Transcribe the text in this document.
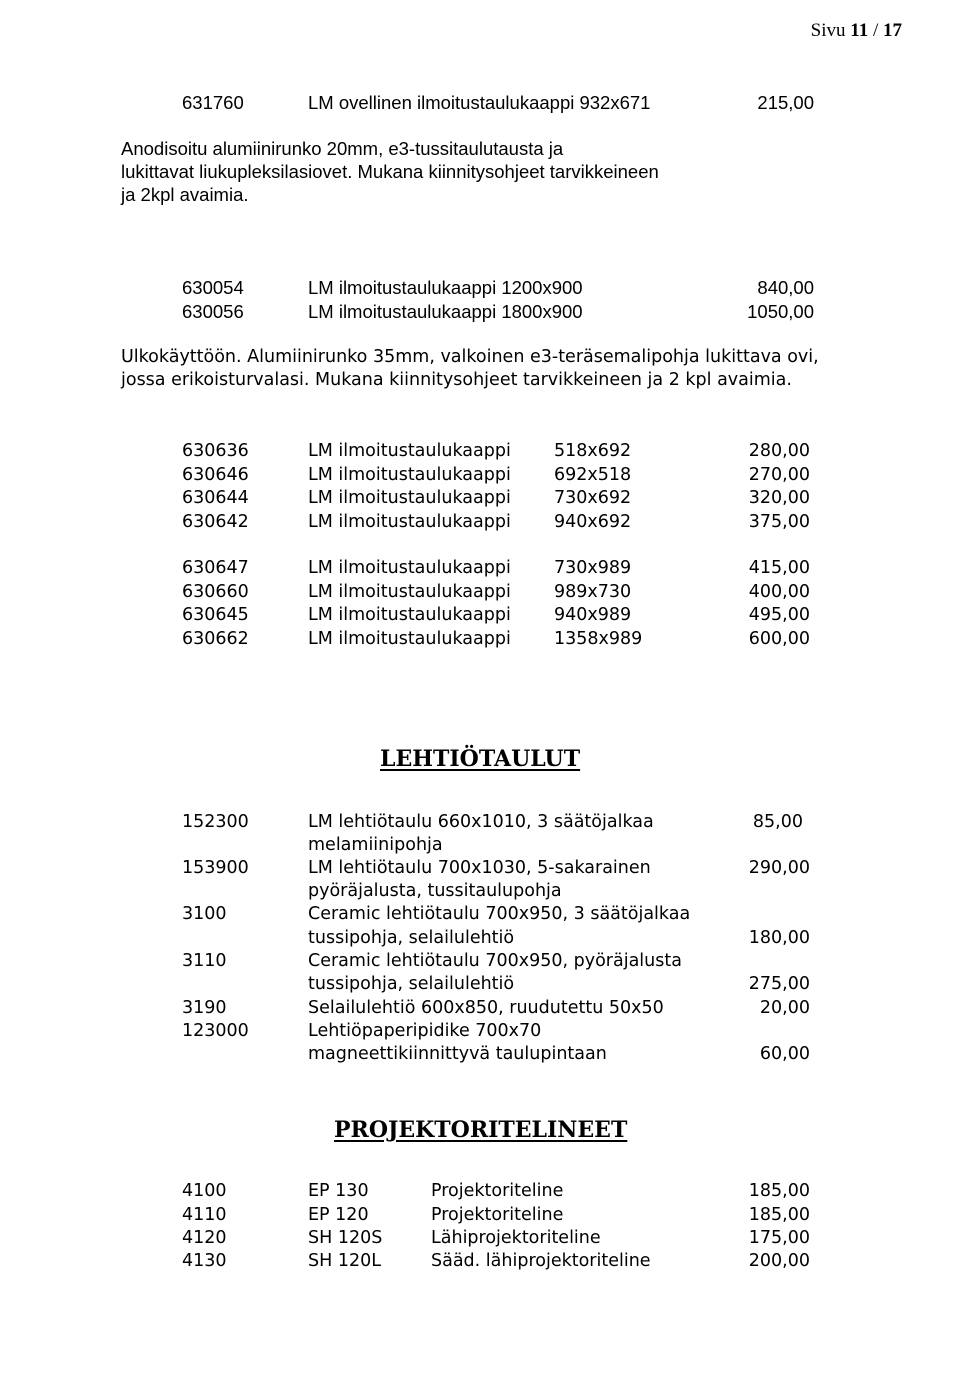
Sivu 11 / 17
631760	LM ovellinen ilmoitustaulukaappi 932x671	215,00
Anodisoitu alumiinirunko 20mm, e3-tussitaulutausta ja
lukittavat liukupleksilasiovet. Mukana kiinnitysohjeet tarvikkeineen
ja 2kpl avaimia.
630054	LM ilmoitustaulukaappi 1200x900	840,00
630056	LM ilmoitustaulukaappi 1800x900	1050,00
Ulkokäyttöön. Alumiinirunko 35mm, valkoinen e3-teräsemalipohja lukittava ovi,
jossa erikoisturvalasi. Mukana kiinnitysohjeet tarvikkeineen ja 2 kpl avaimia.
630636	LM ilmoitustaulukaappi 518x692	280,00
630646	LM ilmoitustaulukaappi 692x518	270,00
630644	LM ilmoitustaulukaappi 730x692	320,00
630642	LM ilmoitustaulukaappi 940x692	375,00
630647	LM ilmoitustaulukaappi 730x989	415,00
630660	LM ilmoitustaulukaappi 989x730	400,00
630645	LM ilmoitustaulukaappi 940x989	495,00
630662	LM ilmoitustaulukaappi 1358x989	600,00
LEHTIÖTAULUT
152300	LM lehtiötaulu 660x1010, 3 säätöjalkaa
melamiinipohja
85,00
153900	LM lehtiötaulu 700x1030, 5-sakarainen
pyöräjalusta, tussitaulupohja
290,00
3100	Ceramic lehtiötaulu 700x950, 3 säätöjalkaa
tussipohja, selailulehtiö	180,00
3110	Ceramic lehtiötaulu 700x950, pyöräjalusta
tussipohja, selailulehtiö	275,00
3190	Selailulehtiö 600x850, ruudutettu 50x50	20,00
123000	Lehtiöpaperipidike 700x70
magneettikiinnittyvä taulupintaan	60,00
PROJEKTORITELINEET
4100	EP 130	Projektoriteline	185,00
4110	EP 120	Projektoriteline	185,00
4120	SH 120S	Lähiprojektoriteline	175,00
4130	SH 120L	Sääd. lähiprojektoriteline	200,00
